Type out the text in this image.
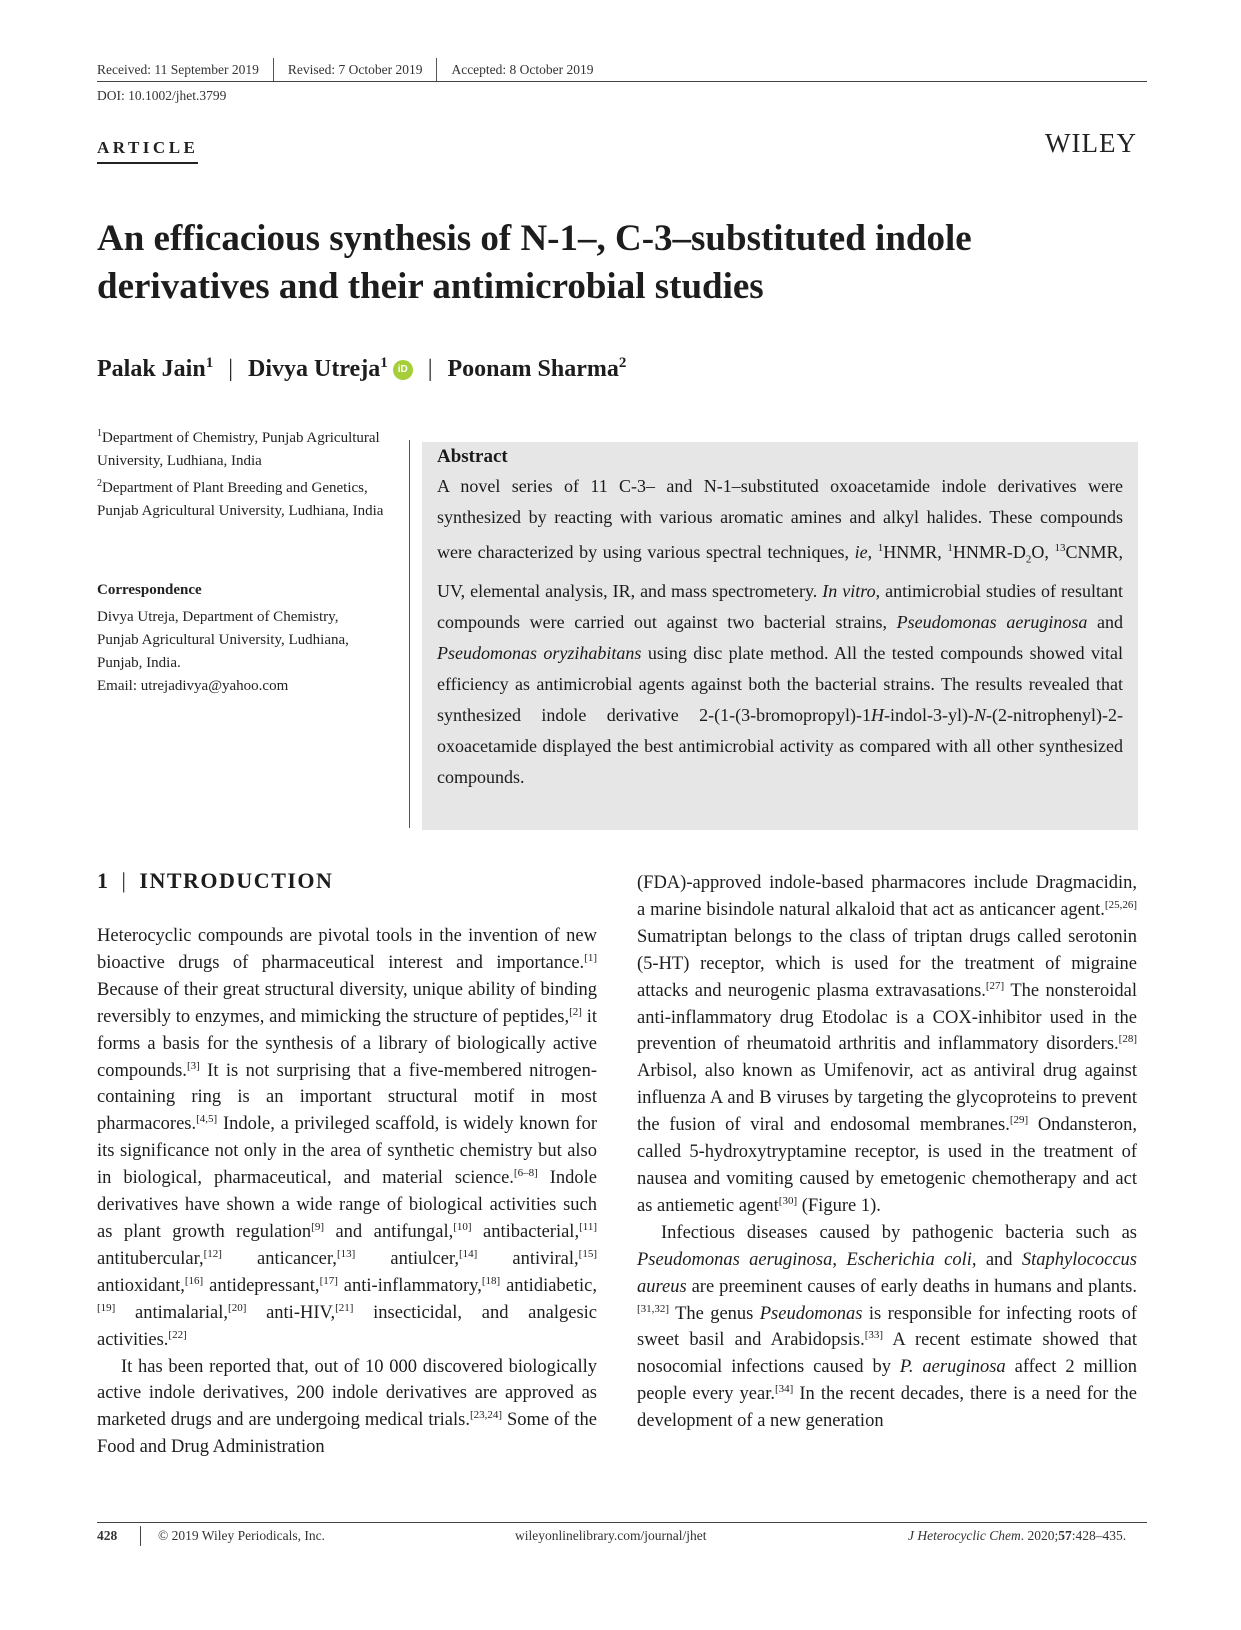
Received: 11 September 2019	Revised: 7 October 2019	Accepted: 8 October 2019
DOI: 10.1002/jhet.3799
ARTICLE	WILEY
An efficacious synthesis of N-1–, C-3–substituted indole
derivatives and their antimicrobial studies
Palak Jain$^1$ | Divya Utreja$^1$ iD | Poonam Sharma$^2$
$^1$Department of Chemistry, Punjab Agricultural University, Ludhiana, India
$^2$Department of Plant Breeding and Genetics, Punjab Agricultural University, Ludhiana, India
Correspondence
Divya Utreja, Department of Chemistry,
Punjab Agricultural University, Ludhiana,
Punjab, India.
Email: utrejadivya@yahoo.com
Abstract
A novel series of 11 C-3– and N-1–substituted oxoacetamide indole derivatives were synthesized by reacting with various aromatic amines and alkyl halides. These compounds were characterized by using various spectral techniques, ie, $^1$HNMR, $^1HNMR-D_2O$, $^{13}$CNMR, UV, elemental analysis, IR, and mass spectrometery. In vitro, antimicrobial studies of resultant compounds were carried out against two bacterial strains, Pseudomonas aeruginosa and Pseudomonas oryzihabitans using disc plate method. All the tested compounds showed vital efficiency as antimicrobial agents against both the bacterial strains. The results revealed that synthesized indole derivative 2-(1-(3-bromopropyl)-1H-indol-3-yl)-N-(2-nitrophenyl)-2-oxoacetamide displayed the best antimicrobial activity as compared with all other synthesized compounds.
1 | INTRODUCTION

Heterocyclic compounds are pivotal tools in the invention of new bioactive drugs of pharmaceutical interest and importance.[1] Because of their great structural diversity, unique ability of binding reversibly to enzymes, and mimicking the structure of peptides,[2] it forms a basis for the synthesis of a library of biologically active compounds.[3] It is not surprising that a five-membered nitrogen-containing ring is an important structural motif in most pharmacores.[4,5] Indole, a privileged scaffold, is widely known for its significance not only in the area of synthetic chemistry but also in biological, pharmaceutical, and material science.[6–8] Indole derivatives have shown a wide range of biological activities such as plant growth regulation[9] and antifungal,[10] antibacterial,[11] antitubercular,[12] anticancer,[13] antiulcer,[14] antiviral,[15] antioxidant,[16] antidepressant,[17] anti-inflammatory,[18] antidiabetic,[19] antimalarial,[20] anti-HIV,[21] insecticidal, and analgesic activities.[22]

It has been reported that, out of 10 000 discovered biologically active indole derivatives, 200 indole derivatives are approved as marketed drugs and are undergoing medical trials.[23,24] Some of the Food and Drug Administration

(FDA)-approved indole-based pharmacores include Dragmacidin, a marine bisindole natural alkaloid that act as anticancer agent.[25,26] Sumatriptan belongs to the class of triptan drugs called serotonin (5-HT) receptor, which is used for the treatment of migraine attacks and neurogenic plasma extravasations.[27] The nonsteroidal anti-inflammatory drug Etodolac is a COX-inhibitor used in the prevention of rheumatoid arthritis and inflammatory disorders.[28] Arbisol, also known as Umifenovir, act as antiviral drug against influenza A and B viruses by targeting the glycoproteins to prevent the fusion of viral and endosomal membranes.[29] Ondansteron, called 5-hydroxytryptamine receptor, is used in the treatment of nausea and vomiting caused by emetogenic chemotherapy and act as antiemetic agent[30] (Figure 1).

Infectious diseases caused by pathogenic bacteria such as Pseudomonas aeruginosa, Escherichia coli, and Staphylococcus aureus are preeminent causes of early deaths in humans and plants.[31,32] The genus Pseudomonas is responsible for infecting roots of sweet basil and Arabidopsis.[33] A recent estimate showed that nosocomial infections caused by P. aeruginosa affect 2 million people every year.[34] In the recent decades, there is a need for the development of a new generation

428	© 2019 Wiley Periodicals, Inc.	wileyonlinelibrary.com/journal/jhet	J Heterocyclic Chem. 2020;57:428–435.
